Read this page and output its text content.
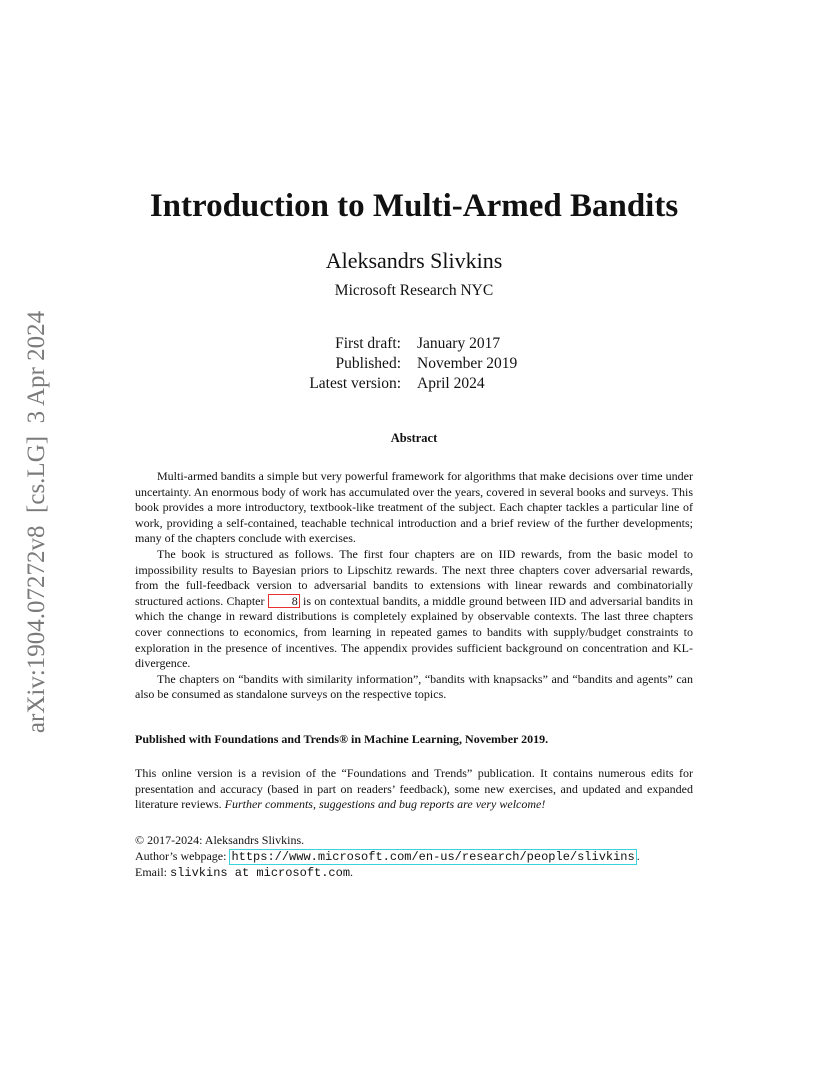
arXiv:1904.07272v8  [cs.LG]  3 Apr 2024
Introduction to Multi-Armed Bandits
Aleksandrs Slivkins
Microsoft Research NYC
First draft:	January 2017
Published:	November 2019
Latest version:	April 2024
Abstract

Multi-armed bandits a simple but very powerful framework for algorithms that make decisions over time under uncertainty. An enormous body of work has accumulated over the years, covered in several books and surveys. This book provides a more introductory, textbook-like treatment of the subject. Each chapter tackles a particular line of work, providing a self-contained, teachable technical introduction and a brief review of the further developments; many of the chapters conclude with exercises.

The book is structured as follows. The first four chapters are on IID rewards, from the basic model to impossibility results to Bayesian priors to Lipschitz rewards. The next three chapters cover adversarial rewards, from the full-feedback version to adversarial bandits to extensions with linear rewards and combinatorially structured actions. Chapter 8 is on contextual bandits, a middle ground between IID and adversarial bandits in which the change in reward distributions is completely explained by observable contexts. The last three chapters cover connections to economics, from learning in repeated games to bandits with supply/budget constraints to exploration in the presence of incentives. The appendix provides sufficient background on concentration and KL-divergence.

The chapters on “bandits with similarity information”, “bandits with knapsacks” and “bandits and agents” can also be consumed as standalone surveys on the respective topics.

Published with Foundations and Trends® in Machine Learning, November 2019.

This online version is a revision of the “Foundations and Trends” publication. It contains numerous edits for presentation and accuracy (based in part on readers’ feedback), some new exercises, and updated and expanded literature reviews. Further comments, suggestions and bug reports are very welcome!

© 2017-2024: Aleksandrs Slivkins.
Author’s webpage: https://www.microsoft.com/en-us/research/people/slivkins .
Email: slivkins at microsoft.com.
